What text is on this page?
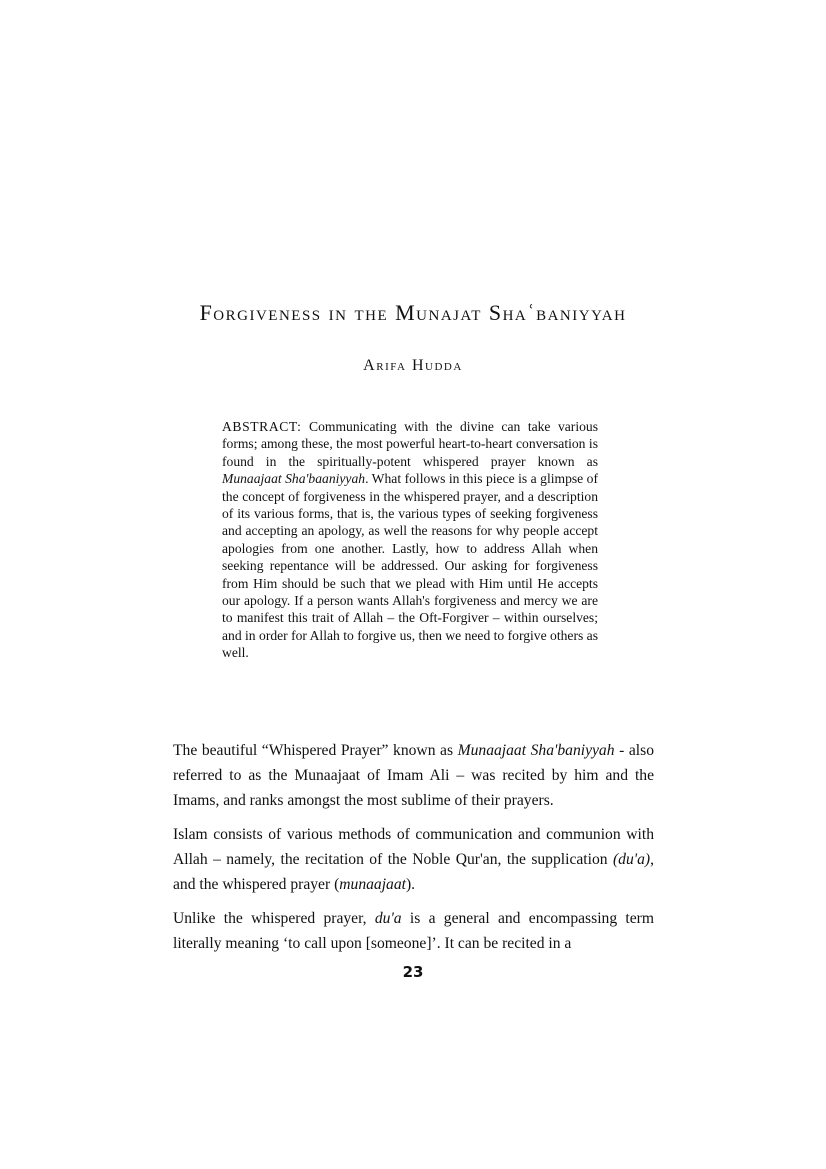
Forgiveness in the Munajat Shaʿbaniyyah
Arifa Hudda

ABSTRACT: Communicating with the divine can take various forms; among these, the most powerful heart-to-heart conversation is found in the spiritually-potent whispered prayer known as Munaajaat Sha'baaniyyah. What follows in this piece is a glimpse of the concept of forgiveness in the whispered prayer, and a description of its various forms, that is, the various types of seeking forgiveness and accepting an apology, as well the reasons for why people accept apologies from one another. Lastly, how to address Allah when seeking repentance will be addressed. Our asking for forgiveness from Him should be such that we plead with Him until He accepts our apology. If a person wants Allah's forgiveness and mercy we are to manifest this trait of Allah – the Oft-Forgiver – within ourselves; and in order for Allah to forgive us, then we need to forgive others as well.

The beautiful “Whispered Prayer” known as Munaajaat Sha'baniyyah - also referred to as the Munaajaat of Imam Ali – was recited by him and the Imams, and ranks amongst the most sublime of their prayers.

Islam consists of various methods of communication and communion with Allah – namely, the recitation of the Noble Qur'an, the supplication (du'a), and the whispered prayer (munaajaat).

Unlike the whispered prayer, du'a is a general and encompassing term literally meaning ‘to call upon [someone]’. It can be recited in a

23
